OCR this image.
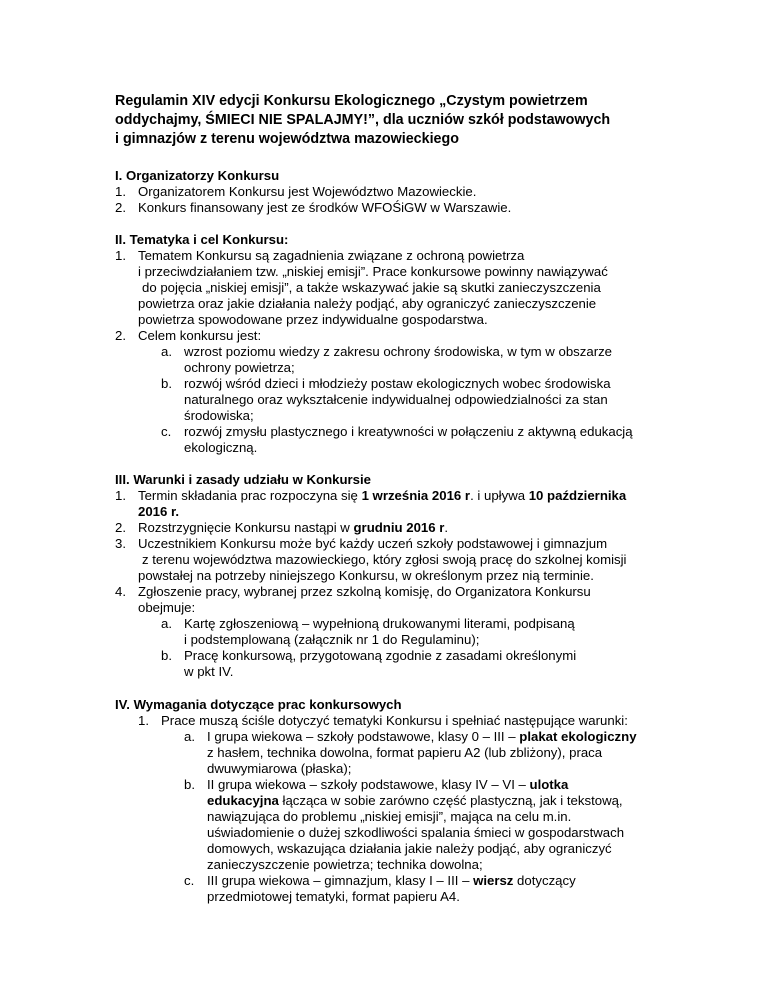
Regulamin XIV edycji Konkursu Ekologicznego „Czystym powietrzem
oddychajmy, ŚMIECI NIE SPALAJMY!”, dla uczniów szkół podstawowych
i gimnazjów z terenu województwa mazowieckiego
I. Organizatorzy Konkursu
1. Organizatorem Konkursu jest Województwo Mazowieckie.
2. Konkurs finansowany jest ze środków WFOŚiGW w Warszawie.
II. Tematyka i cel Konkursu:
1. Tematem Konkursu są zagadnienia związane z ochroną powietrza
i przeciwdziałaniem tzw. „niskiej emisji”. Prace konkursowe powinny nawiązywać
do pojęcia „niskiej emisji”, a także wskazywać jakie są skutki zanieczyszczenia
powietrza oraz jakie działania należy podjąć, aby ograniczyć zanieczyszczenie
powietrza spowodowane przez indywidualne gospodarstwa.
2. Celem konkursu jest:
a. wzrost poziomu wiedzy z zakresu ochrony środowiska, w tym w obszarze
ochrony powietrza;
b. rozwój wśród dzieci i młodzieży postaw ekologicznych wobec środowiska
naturalnego oraz wykształcenie indywidualnej odpowiedzialności za stan
środowiska;
c. rozwój zmysłu plastycznego i kreatywności w połączeniu z aktywną edukacją
ekologiczną.
III. Warunki i zasady udziału w Konkursie
1. Termin składania prac rozpoczyna się 1 września 2016 r. i upływa 10 października
2016 r.
2. Rozstrzygnięcie Konkursu nastąpi w grudniu 2016 r.
3. Uczestnikiem Konkursu może być każdy uczeń szkoły podstawowej i gimnazjum
z terenu województwa mazowieckiego, który zgłosi swoją pracę do szkolnej komisji
powstałej na potrzeby niniejszego Konkursu, w określonym przez nią terminie.
4. Zgłoszenie pracy, wybranej przez szkolną komisję, do Organizatora Konkursu
obejmuje:
a. Kartę zgłoszeniową – wypełnioną drukowanymi literami, podpisaną
i podstemplowaną (załącznik nr 1 do Regulaminu);
b. Pracę konkursową, przygotowaną zgodnie z zasadami określonymi
w pkt IV.
IV. Wymagania dotyczące prac konkursowych
1. Prace muszą ściśle dotyczyć tematyki Konkursu i spełniać następujące warunki:
a. I grupa wiekowa – szkoły podstawowe, klasy 0 – III – plakat ekologiczny
z hasłem, technika dowolna, format papieru A2 (lub zbliżony), praca
dwuwymiarowa (płaska);
b. II grupa wiekowa – szkoły podstawowe, klasy IV – VI – ulotka
edukacyjna łącząca w sobie zarówno część plastyczną, jak i tekstową,
nawiązująca do problemu „niskiej emisji”, mająca na celu m.in.
uświadomienie o dużej szkodliwości spalania śmieci w gospodarstwach
domowych, wskazująca działania jakie należy podjąć, aby ograniczyć
zanieczyszczenie powietrza; technika dowolna;
c. III grupa wiekowa – gimnazjum, klasy I – III – wiersz dotyczący
przedmiotowej tematyki, format papieru A4.
